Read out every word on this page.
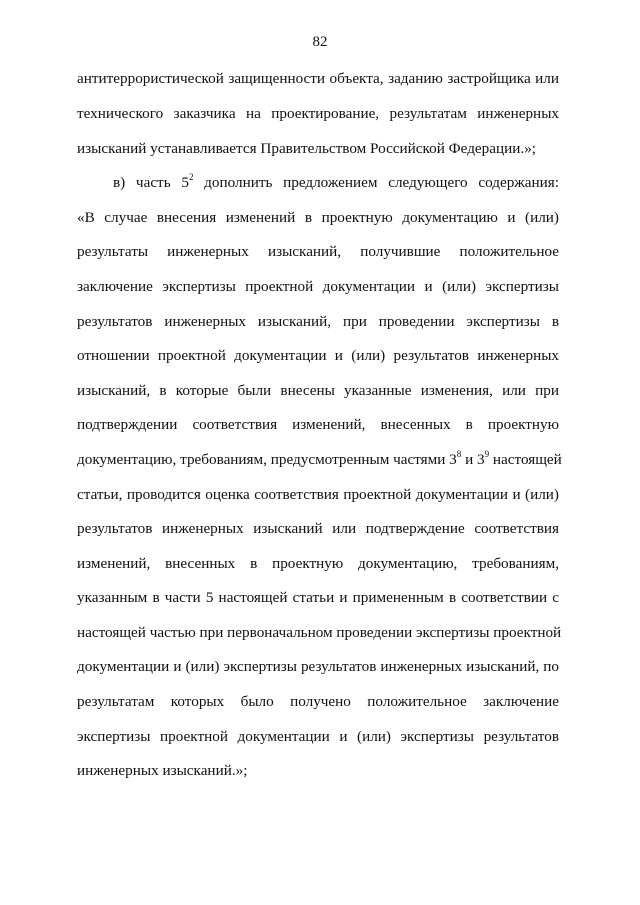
82
антитеррористической защищенности объекта, заданию застройщика или
технического заказчика на проектирование, результатам инженерных
изысканий устанавливается Правительством Российской Федерации.»;
в) часть $5^2$ дополнить предложением следующего содержания:
«В случае внесения изменений в проектную документацию и (или)
результаты инженерных изысканий, получившие положительное
заключение экспертизы проектной документации и (или) экспертизы
результатов инженерных изысканий, при проведении экспертизы в
отношении проектной документации и (или) результатов инженерных
изысканий, в которые были внесены указанные изменения, или при
подтверждении соответствия изменений, внесенных в проектную
документацию, требованиям, предусмотренным частями $3^8$ и $3^9$ настоящей
статьи, проводится оценка соответствия проектной документации и (или)
результатов инженерных изысканий или подтверждение соответствия
изменений, внесенных в проектную документацию, требованиям,
указанным в части 5 настоящей статьи и примененным в соответствии с
настоящей частью при первоначальном проведении экспертизы проектной
документации и (или) экспертизы результатов инженерных изысканий, по
результатам которых было получено положительное заключение
экспертизы проектной документации и (или) экспертизы результатов
инженерных изысканий.»;
